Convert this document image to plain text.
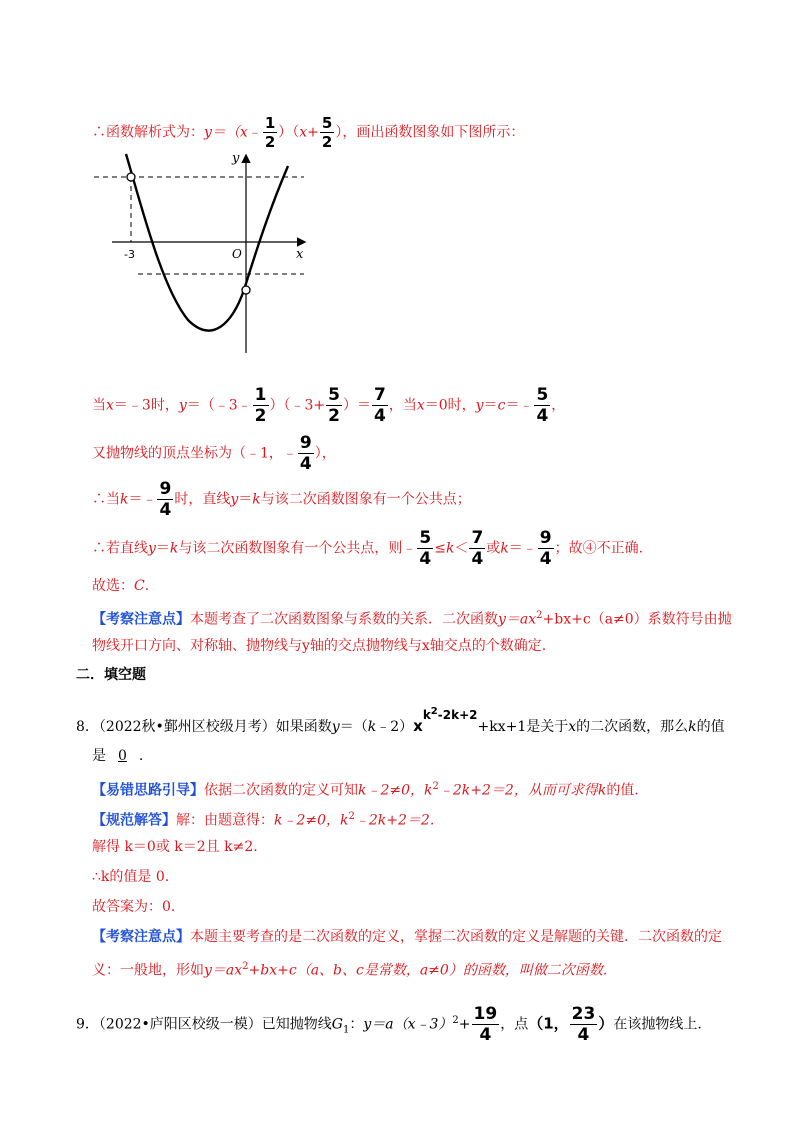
∴函数解析式为：y＝（x﹣ $\frac{1}{2} )(x+ \frac{5}{2}$ ），画出函数图象如下图所示：
y
x
O
-3
当x＝﹣3时，y＝（﹣3﹣ $\frac{1}{2}$ ）（﹣3+ $\frac{5}{2}$ ）＝ $\frac{7}{4}$ ，当x＝0时，y＝c＝﹣ $\frac{5}{4}$ ，
又抛物线的顶点坐标为（﹣1，﹣ $\frac{9}{4}$ ），
∴当k＝﹣ $\frac{9}{4}$ 时，直线y＝k与该二次函数图象有一个公共点；
∴若直线y＝k与该二次函数图象有一个公共点，则﹣ $\frac{5}{4} \le k< \frac{7}{4}$ 或k＝﹣ $\frac{9}{4}$ ；故④不正确.
故选：C.
【考察注意点】本题考查了二次函数图象与系数的关系．二次函数$y=ax^2+bx+c(a\ne 0)$系数符号由抛
物线开口方向、对称轴、抛物线与y轴的交点抛物线与x轴交点的个数确定.
二．填空题
8．（2022秋•鄞州区校级月考）如果函数$y=(k﹣2)xk^2-2k+2+kx+1$是关于x的二次函数，那么k的值
是 0 .
【易错思路引导】依据二次函数的定义可知k﹣2≠0，$k^2﹣2k+2=2$，从而可求得k的值.
【规范解答】解：由题意得：k﹣2≠0，$k^2﹣2k+2=2$.
解得 k＝0或 k＝2且 k≠2.
∴k的值是 0.
故答案为：0.
【考察注意点】本题主要考查的是二次函数的定义，掌握二次函数的定义是解题的关键．二次函数的定
义：一般地，形如$y=ax^2+bx+c(a$、b、c是常数，a≠0）的函数，叫做二次函数.
9．（2022•庐阳区校级一模）已知抛物线$G_1$：y＝a（x﹣3）$^2$+ $\frac{19}{4}$ ，点（1， $\frac{23}{4}$ ）在该抛物线上.
